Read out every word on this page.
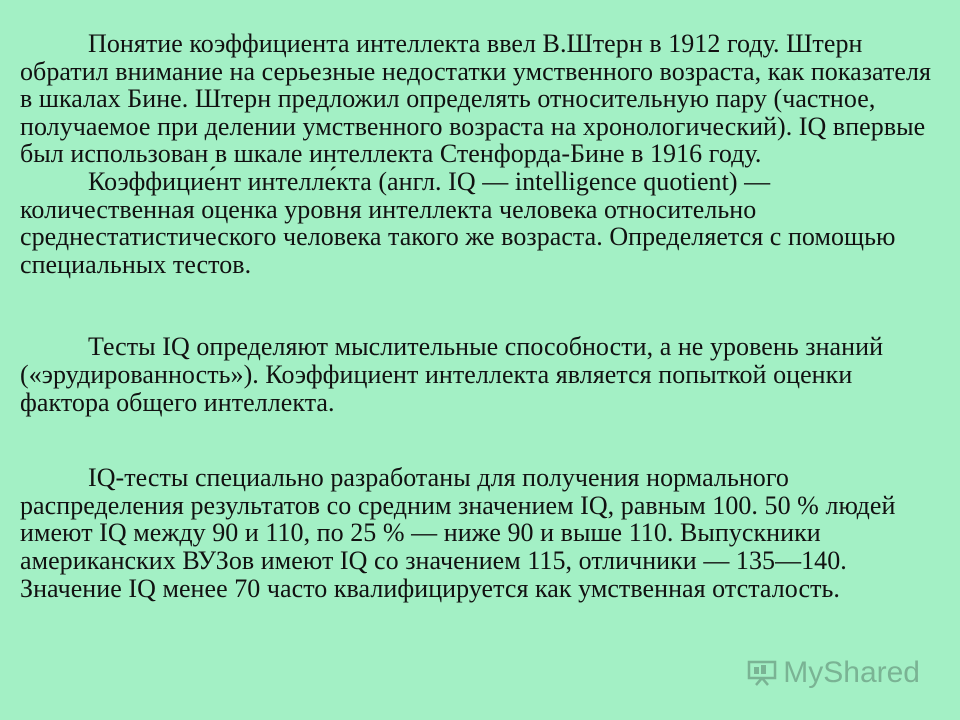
Понятие коэффициента интеллекта ввел В.Штерн в 1912 году. Штерн обратил внимание на серьезные недостатки умственного возраста, как показателя в шкалах Бине. Штерн предложил определять относительную пару (частное, получаемое при делении умственного возраста на хронологический). IQ впервые был использован в шкале интеллекта Стенфорда-Бине в 1916 году.

Коэффицие́нт интелле́кта (англ. IQ — intelligence quotient) — количественная оценка уровня интеллекта человека относительно среднестатистического человека такого же возраста. Определяется с помощью специальных тестов.

Тесты IQ определяют мыслительные способности, а не уровень знаний («эрудированность»). Коэффициент интеллекта является попыткой оценки фактора общего интеллекта.

IQ-тесты специально разработаны для получения нормального распределения результатов со средним значением IQ, равным 100. 50 % людей имеют IQ между 90 и 110, по 25 % — ниже 90 и выше 110. Выпускники американских ВУЗов имеют IQ со значением 115, отличники — 135—140. Значение IQ менее 70 часто квалифицируется как умственная отсталость.

MyShared
